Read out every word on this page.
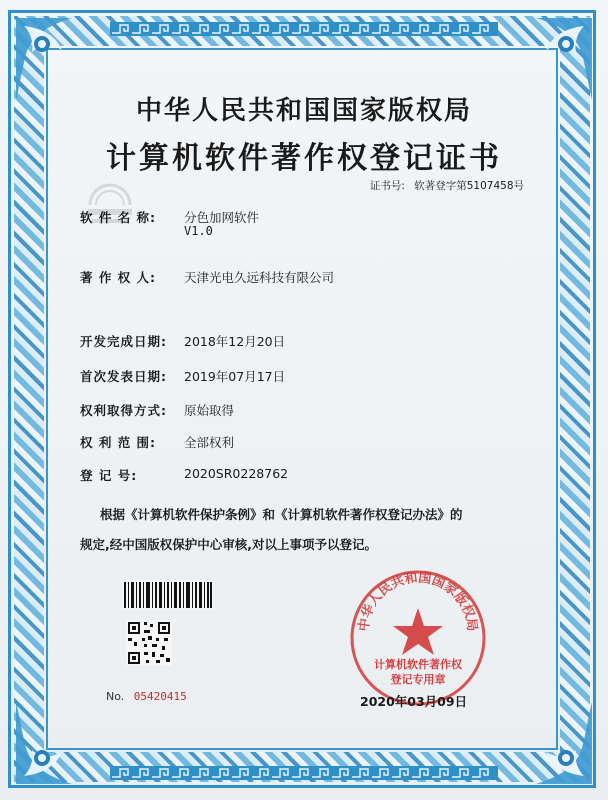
中华人民共和国国家版权局
计算机软件著作权登记证书
证书号: 软著登字第5107458号
软 件 名 称:	分色加网软件
V1.0
著 作 权 人:	天津光电久远科技有限公司
开发完成日期:	2018年12月20日
首次发表日期:	2019年07月17日
权利取得方式:	原始取得
权 利 范 围:	全部权利
登 记 号:	2020SR0228762
根据《计算机软件保护条例》和《计算机软件著作权登记办法》的
规定,经中国版权保护中心审核,对以上事项予以登记。
No. 05420415
中华人民共和国国家版权局
计算机软件著作权
登记专用章
2020年03月09日
